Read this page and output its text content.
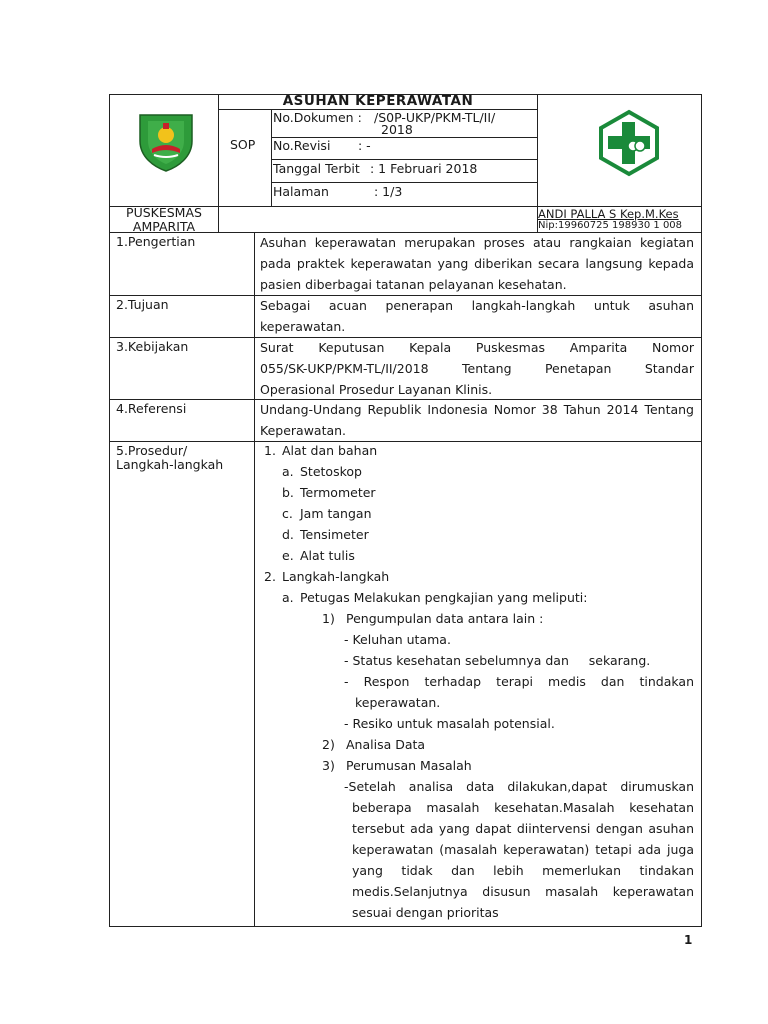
ASUHAN KEPERAWATAN
SOP
No.Dokumen : /S0P-UKP/PKM-TL/II/
2018
No.Revisi : -
Tanggal Terbit : 1 Februari 2018
Halaman	: 1/3
PUSKESMAS
AMPARITA
ANDI PALLA S Kep.M.Kes
Nip:19960725 198930 1 008
1.Pengertian
2.Tujuan
3.Kebijakan
4.Referensi
5.Prosedur/
Langkah-langkah
Asuhan keperawatan merupakan proses atau rangkaian kegiatan
pada praktek keperawatan yang diberikan secara langsung kepada
pasien diberbagai tatanan pelayanan kesehatan.
Sebagai acuan penerapan langkah-langkah untuk asuhan
keperawatan.
Surat Keputusan Kepala Puskesmas Amparita Nomor
055/SK-UKP/PKM-TL/II/2018 Tentang Penetapan Standar
Operasional Prosedur Layanan Klinis.
Undang-Undang Republik Indonesia Nomor 38 Tahun 2014 Tentang
Keperawatan.
1. Alat dan bahan
a. Stetoskop
b. Termometer
c. Jam tangan
d. Tensimeter
e. Alat tulis
2. Langkah-langkah
a. Petugas Melakukan pengkajian yang meliputi:
1) Pengumpulan data antara lain :
- Keluhan utama.
- Status kesehatan sebelumnya dan     sekarang.
- Respon terhadap terapi medis dan tindakan
keperawatan.
- Resiko untuk masalah potensial.
2) Analisa Data
3) Perumusan Masalah
-Setelah analisa data dilakukan,dapat dirumuskan
beberapa masalah kesehatan.Masalah kesehatan
tersebut ada yang dapat diintervensi dengan asuhan
keperawatan (masalah keperawatan) tetapi ada juga
yang tidak dan lebih memerlukan tindakan
medis.Selanjutnya disusun masalah keperawatan
sesuai dengan prioritas
1
